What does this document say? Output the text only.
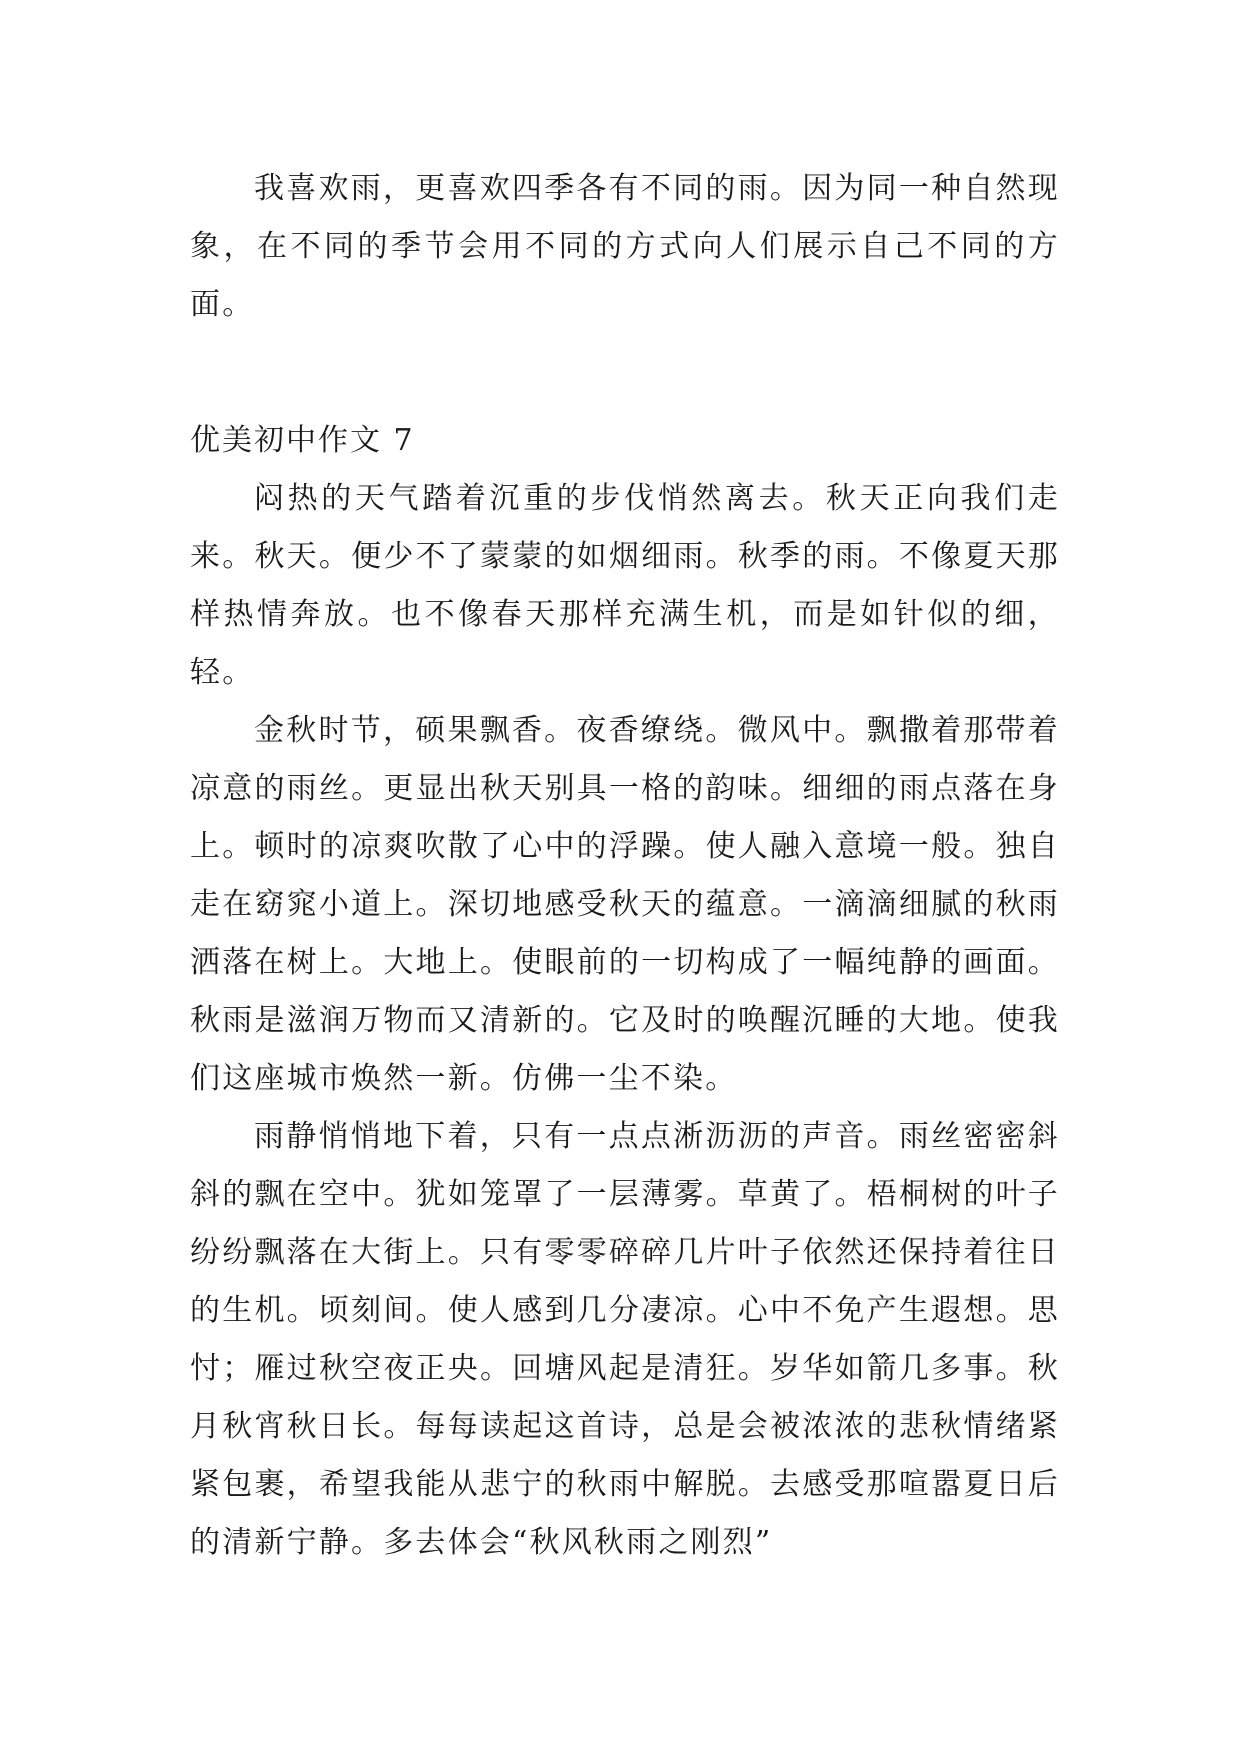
我喜欢雨，更喜欢四季各有不同的雨。因为同一种自然现象，在不同的季节会用不同的方式向人们展示自己不同的方面。

优美初中作文 7

闷热的天气踏着沉重的步伐悄然离去。秋天正向我们走来。秋天。便少不了蒙蒙的如烟细雨。秋季的雨。不像夏天那样热情奔放。也不像春天那样充满生机，而是如针似的细，轻。

金秋时节，硕果飘香。夜香缭绕。微风中。飘撒着那带着凉意的雨丝。更显出秋天别具一格的韵味。细细的雨点落在身上。顿时的凉爽吹散了心中的浮躁。使人融入意境一般。独自走在窈窕小道上。深切地感受秋天的蕴意。一滴滴细腻的秋雨洒落在树上。大地上。使眼前的一切构成了一幅纯静的画面。秋雨是滋润万物而又清新的。它及时的唤醒沉睡的大地。使我们这座城市焕然一新。仿佛一尘不染。

雨静悄悄地下着，只有一点点淅沥沥的声音。雨丝密密斜斜的飘在空中。犹如笼罩了一层薄雾。草黄了。梧桐树的叶子纷纷飘落在大街上。只有零零碎碎几片叶子依然还保持着往日的生机。顷刻间。使人感到几分凄凉。心中不免产生遐想。思忖；雁过秋空夜正央。回塘风起是清狂。岁华如箭几多事。秋月秋宵秋日长。每每读起这首诗，总是会被浓浓的悲秋情绪紧紧包裹，希望我能从悲宁的秋雨中解脱。去感受那喧嚣夏日后的清新宁静。多去体会“秋风秋雨之刚烈”
